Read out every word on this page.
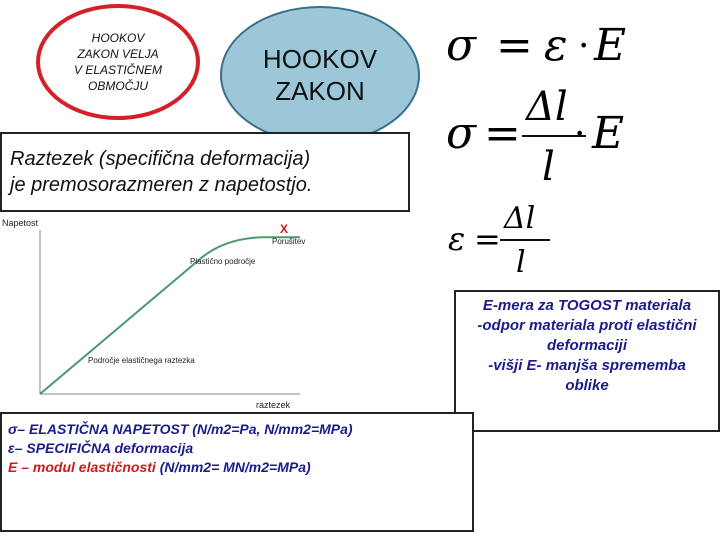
HOOKOV
ZAKON VELJA
V ELASTIČNEM
OBMOČJU
HOOKOV
ZAKON
σ = ε · E
σ =
Δl
l
· E
ε =
Δl
l
Raztezek (specifična deformacija)
je premosorazmeren z napetostjo.
Napetost
raztezek
X
Porušitev
Plastično področje
Področje elastičnega raztezka
E-mera za TOGOST materiala
-odpor materiala proti elastični
deformaciji
-višji E- manjša sprememba
oblike
σ– ELASTIČNA NAPETOST (N/m2=Pa, N/mm2=MPa)
ε– SPECIFIČNA deformacija
E – modul elastičnosti (N/mm2= MN/m2=MPa)
